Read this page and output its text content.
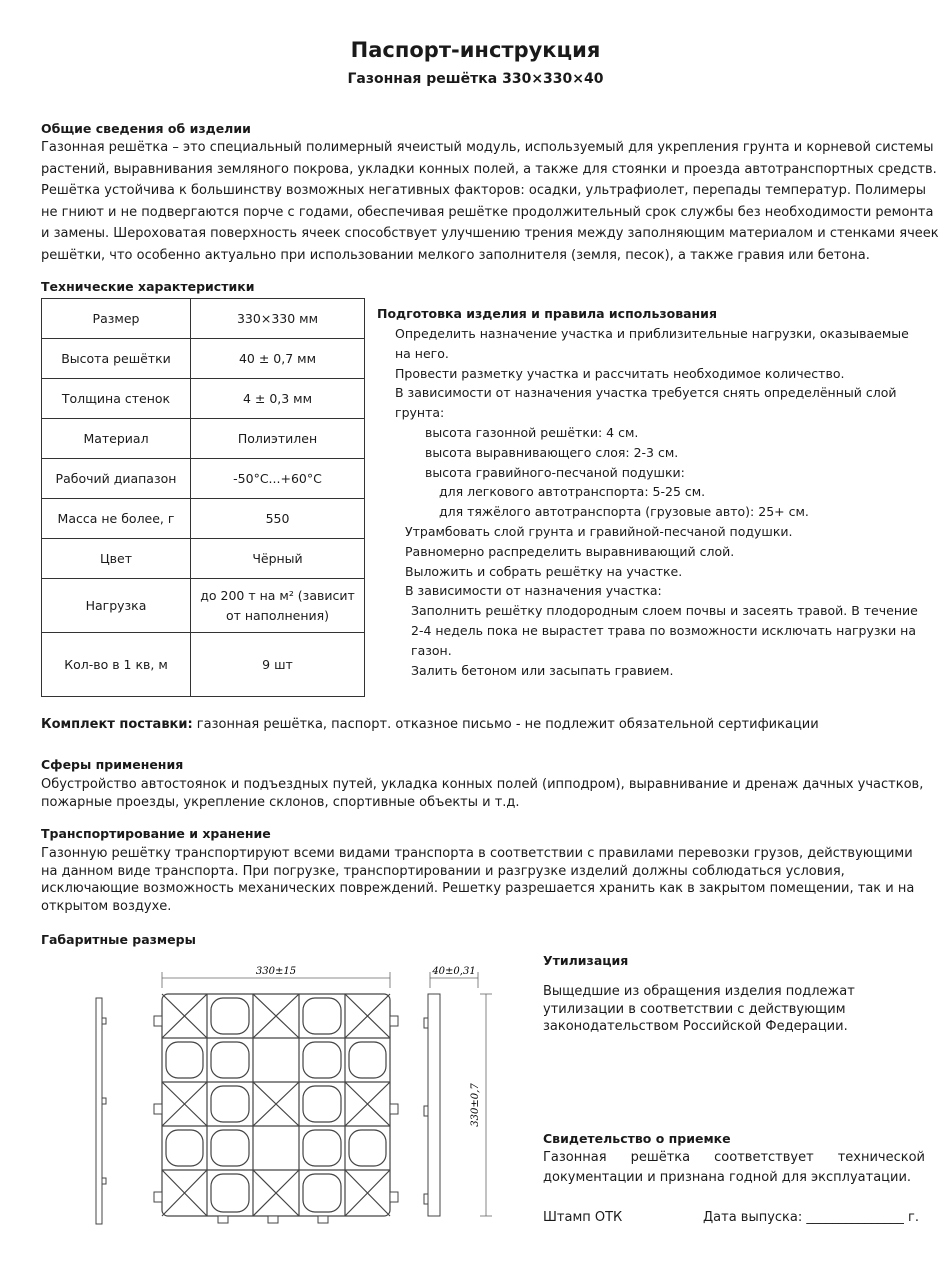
Паспорт-инструкция
Газонная решётка 330×330×40
Общие сведения об изделии
Газонная решётка – это специальный полимерный ячеистый модуль, используемый для укрепления грунта и корневой системы
растений, выравнивания земляного покрова, укладки конных полей, а также для стоянки и проезда автотранспортных средств.
Решётка устойчива к большинству возможных негативных факторов: осадки, ультрафиолет, перепады температур. Полимеры
не гниют и не подвергаются порче с годами, обеспечивая решётке продолжительный срок службы без необходимости ремонта
и замены. Шероховатая поверхность ячеек способствует улучшению трения между заполняющим материалом и стенками ячеек
решётки, что особенно актуально при использовании мелкого заполнителя (земля, песок), а также гравия или бетона.
Технические характеристики
Размер	330×330 мм
Высота решётки	40 ± 0,7 мм
Толщина стенок	4 ± 0,3 мм
Материал	Полиэтилен
Рабочий диапазон	-50°C...+60°C
Масса не более, г	550
Цвет	Чёрный
Нагрузка	до 200 т на м² (зависит от наполнения)
Кол-во в 1 кв, м	9 шт
Подготовка изделия и правила использования
Определить назначение участка и приблизительные нагрузки, оказываемые
на него.
Провести разметку участка и рассчитать необходимое количество.
В зависимости от назначения участка требуется снять определённый слой
грунта:
высота газонной решётки: 4 см.
высота выравнивающего слоя: 2-3 см.
высота гравийного-песчаной подушки:
для легкового автотранспорта: 5-25 см.
для тяжёлого автотранспорта (грузовые авто): 25+ см.
Утрамбовать слой грунта и гравийной-песчаной подушки.
Равномерно распределить выравнивающий слой.
Выложить и собрать решётку на участке.
В зависимости от назначения участка:
Заполнить решётку плодородным слоем почвы и засеять травой. В течение
2-4 недель пока не вырастет трава по возможности исключать нагрузки на
газон.
Залить бетоном или засыпать гравием.
Комплект поставки: газонная решётка, паспорт. отказное письмо - не подлежит обязательной сертификации
Сферы применения
Обустройство автостоянок и подъездных путей, укладка конных полей (ипподром), выравнивание и дренаж дачных участков,
пожарные проезды, укрепление склонов, спортивные объекты и т.д.
Транспортирование и хранение
Газонную решётку транспортируют всеми видами транспорта в соответствии с правилами перевозки грузов, действующими
на данном виде транспорта. При погрузке, транспортировании и разгрузке изделий должны соблюдаться условия,
исключающие возможность механических повреждений. Решетку разрешается хранить как в закрытом помещении, так и на
открытом воздухе.
Габаритные размеры
330±15	40±0,31
330±0,7
Утилизация
Выщедшие из обращения изделия подлежат
утилизации в соответствии с действующим
законодательством Российской Федерации.
Свидетельство о приемке
Газонная решётка соответствует технической
документации и признана годной для эксплуатации.
Штамп ОТК	Дата выпуска: _______________ г.
